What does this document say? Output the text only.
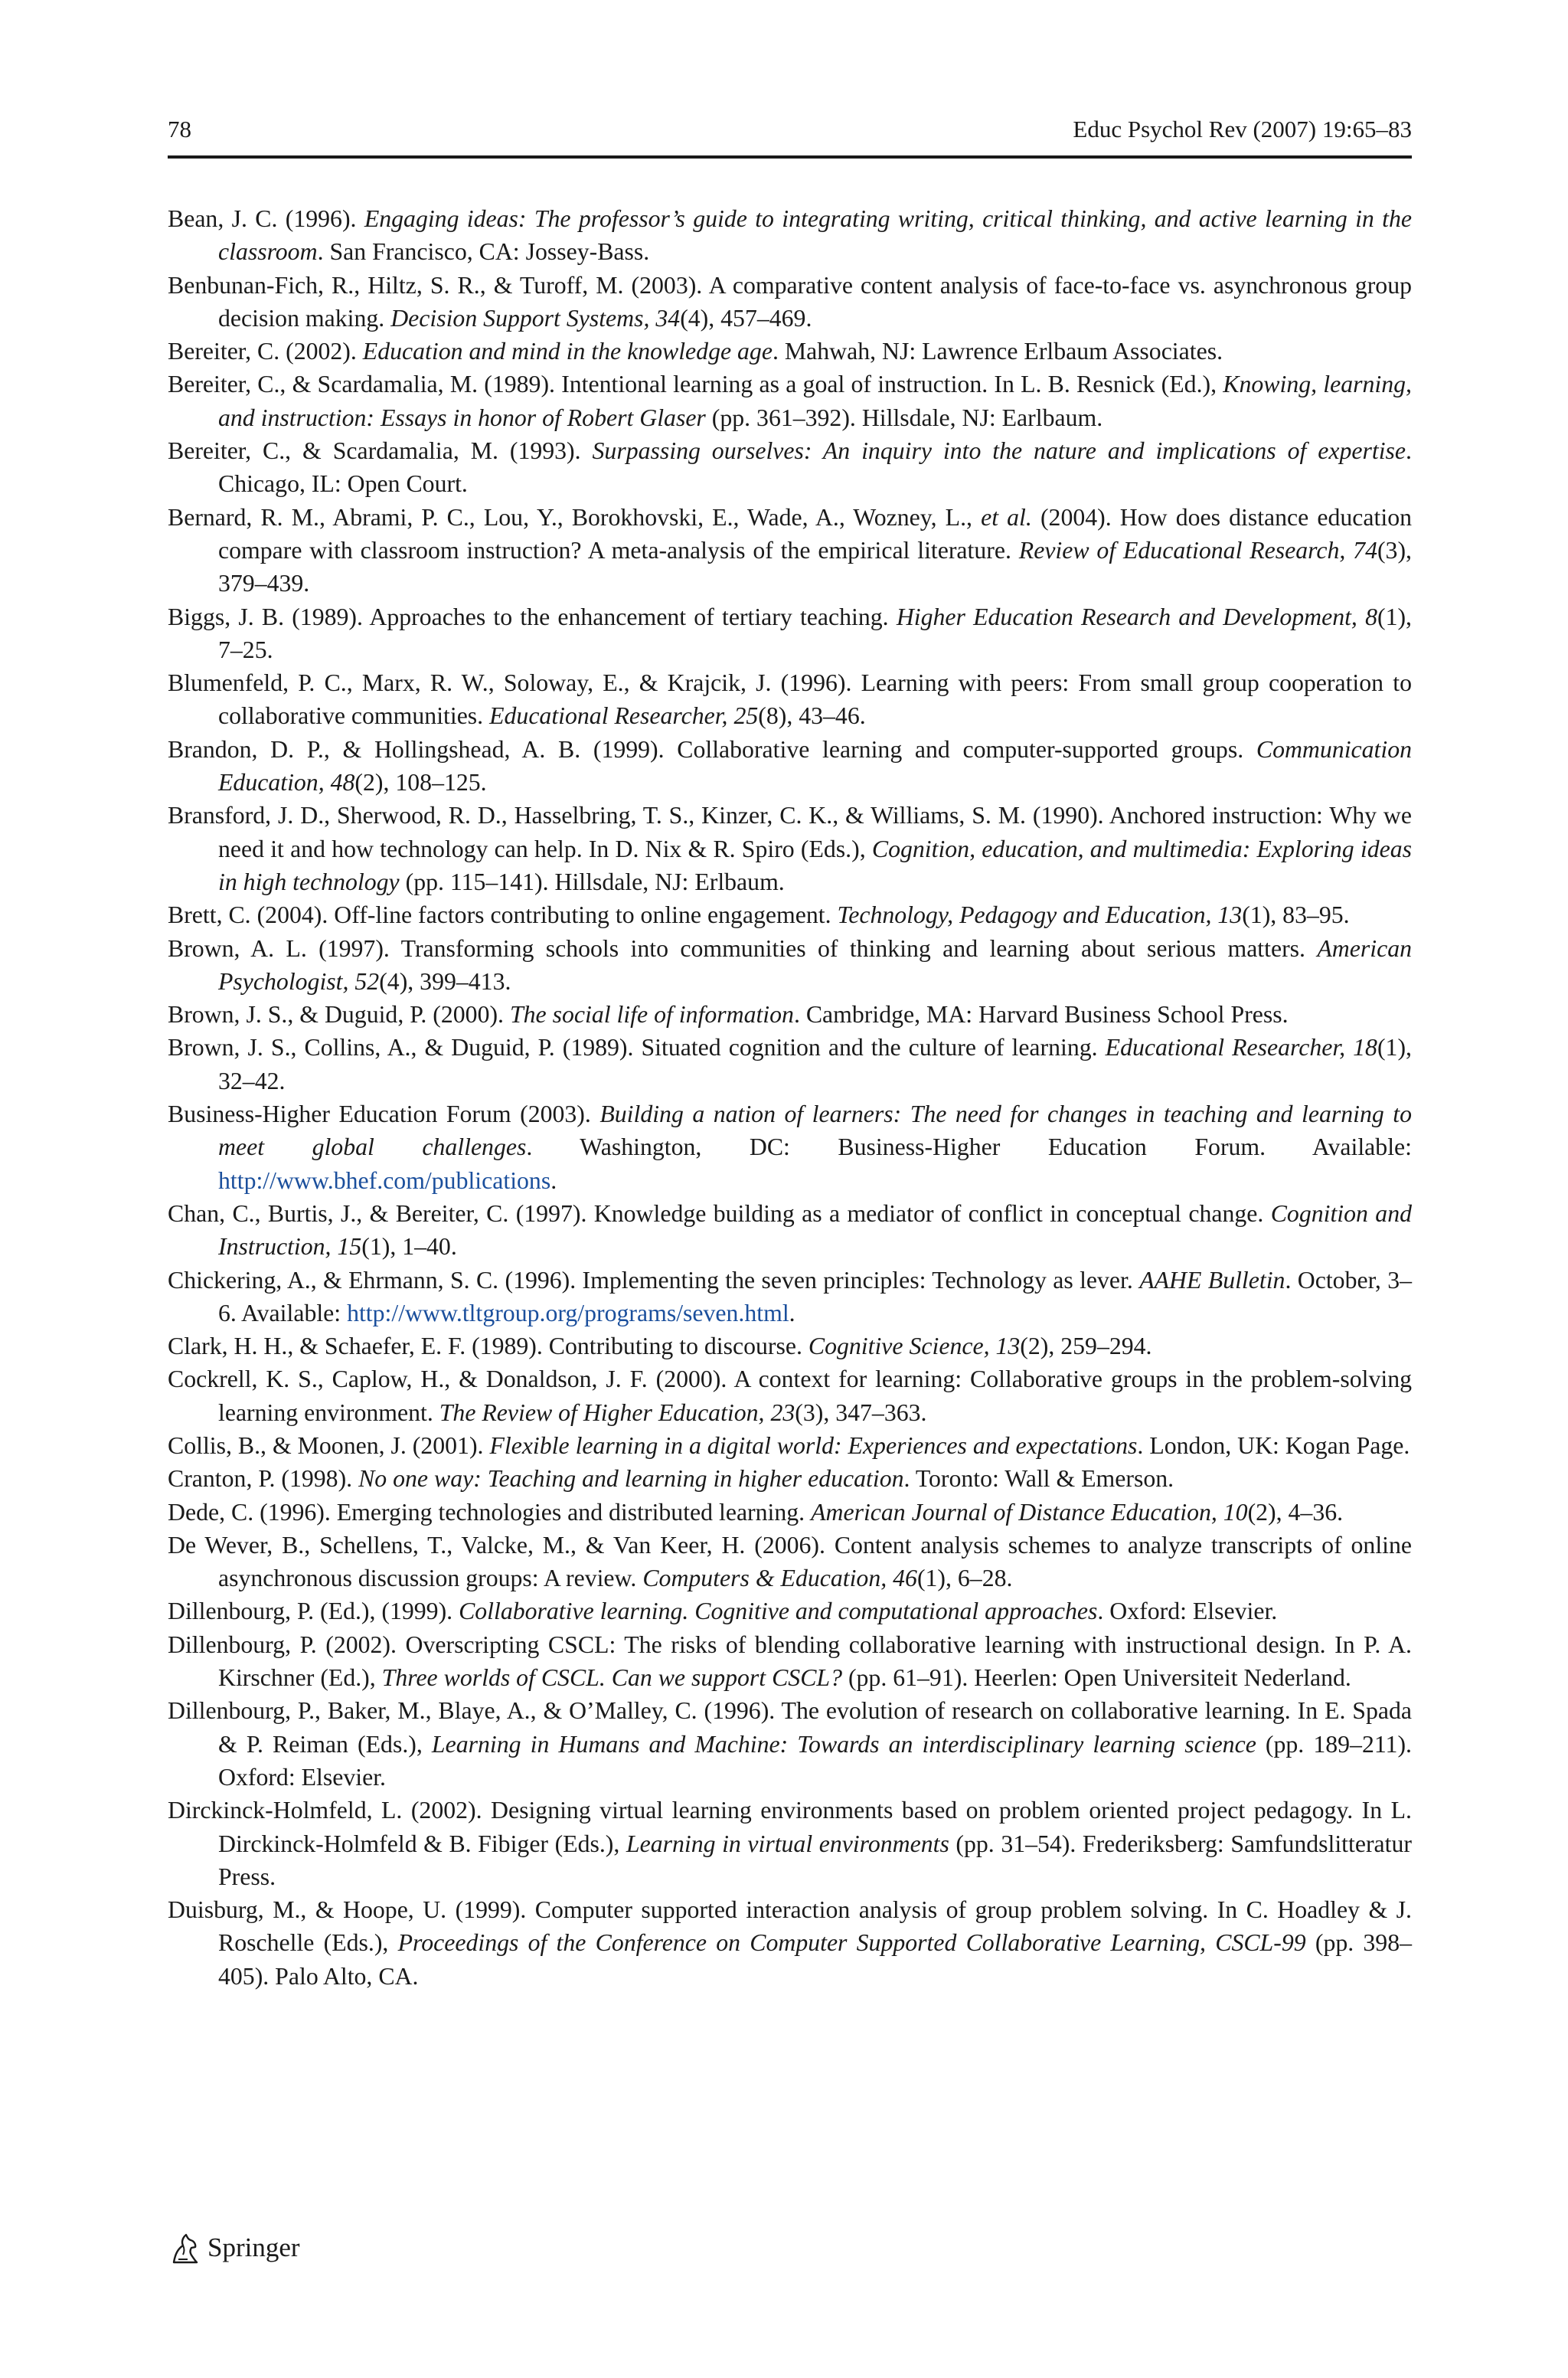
78	Educ Psychol Rev (2007) 19:65–83

Bean, J. C. (1996). Engaging ideas: The professor’s guide to integrating writing, critical thinking, and active learning in the classroom. San Francisco, CA: Jossey-Bass.

Benbunan-Fich, R., Hiltz, S. R., & Turoff, M. (2003). A comparative content analysis of face-to-face vs. asynchronous group decision making. Decision Support Systems, 34(4), 457–469.

Bereiter, C. (2002). Education and mind in the knowledge age. Mahwah, NJ: Lawrence Erlbaum Associates.

Bereiter, C., & Scardamalia, M. (1989). Intentional learning as a goal of instruction. In L. B. Resnick (Ed.), Knowing, learning, and instruction: Essays in honor of Robert Glaser (pp. 361–392). Hillsdale, NJ: Earlbaum.

Bereiter, C., & Scardamalia, M. (1993). Surpassing ourselves: An inquiry into the nature and implications of expertise. Chicago, IL: Open Court.

Bernard, R. M., Abrami, P. C., Lou, Y., Borokhovski, E., Wade, A., Wozney, L., et al. (2004). How does distance education compare with classroom instruction? A meta-analysis of the empirical literature. Review of Educational Research, 74(3), 379–439.

Biggs, J. B. (1989). Approaches to the enhancement of tertiary teaching. Higher Education Research and Development, 8(1), 7–25.

Blumenfeld, P. C., Marx, R. W., Soloway, E., & Krajcik, J. (1996). Learning with peers: From small group cooperation to collaborative communities. Educational Researcher, 25(8), 43–46.

Brandon, D. P., & Hollingshead, A. B. (1999). Collaborative learning and computer-supported groups. Communication Education, 48(2), 108–125.

Bransford, J. D., Sherwood, R. D., Hasselbring, T. S., Kinzer, C. K., & Williams, S. M. (1990). Anchored instruction: Why we need it and how technology can help. In D. Nix & R. Spiro (Eds.), Cognition, education, and multimedia: Exploring ideas in high technology (pp. 115–141). Hillsdale, NJ: Erlbaum.

Brett, C. (2004). Off-line factors contributing to online engagement. Technology, Pedagogy and Education, 13(1), 83–95.

Brown, A. L. (1997). Transforming schools into communities of thinking and learning about serious matters. American Psychologist, 52(4), 399–413.

Brown, J. S., & Duguid, P. (2000). The social life of information. Cambridge, MA: Harvard Business School Press.

Brown, J. S., Collins, A., & Duguid, P. (1989). Situated cognition and the culture of learning. Educational Researcher, 18(1), 32–42.

Business-Higher Education Forum (2003). Building a nation of learners: The need for changes in teaching and learning to meet global challenges. Washington, DC: Business-Higher Education Forum. Available: http://www.bhef.com/publications.

Chan, C., Burtis, J., & Bereiter, C. (1997). Knowledge building as a mediator of conflict in conceptual change. Cognition and Instruction, 15(1), 1–40.

Chickering, A., & Ehrmann, S. C. (1996). Implementing the seven principles: Technology as lever. AAHE Bulletin. October, 3–6. Available: http://www.tltgroup.org/programs/seven.html.

Clark, H. H., & Schaefer, E. F. (1989). Contributing to discourse. Cognitive Science, 13(2), 259–294.

Cockrell, K. S., Caplow, H., & Donaldson, J. F. (2000). A context for learning: Collaborative groups in the problem-solving learning environment. The Review of Higher Education, 23(3), 347–363.

Collis, B., & Moonen, J. (2001). Flexible learning in a digital world: Experiences and expectations. London, UK: Kogan Page.

Cranton, P. (1998). No one way: Teaching and learning in higher education. Toronto: Wall & Emerson.

Dede, C. (1996). Emerging technologies and distributed learning. American Journal of Distance Education, 10(2), 4–36.

De Wever, B., Schellens, T., Valcke, M., & Van Keer, H. (2006). Content analysis schemes to analyze transcripts of online asynchronous discussion groups: A review. Computers & Education, 46(1), 6–28.

Dillenbourg, P. (Ed.), (1999). Collaborative learning. Cognitive and computational approaches. Oxford: Elsevier.

Dillenbourg, P. (2002). Overscripting CSCL: The risks of blending collaborative learning with instructional design. In P. A. Kirschner (Ed.), Three worlds of CSCL. Can we support CSCL? (pp. 61–91). Heerlen: Open Universiteit Nederland.

Dillenbourg, P., Baker, M., Blaye, A., & O’Malley, C. (1996). The evolution of research on collaborative learning. In E. Spada & P. Reiman (Eds.), Learning in Humans and Machine: Towards an interdisciplinary learning science (pp. 189–211). Oxford: Elsevier.

Dirckinck-Holmfeld, L. (2002). Designing virtual learning environments based on problem oriented project pedagogy. In L. Dirckinck-Holmfeld & B. Fibiger (Eds.), Learning in virtual environments (pp. 31–54). Frederiksberg: Samfundslitteratur Press.

Duisburg, M., & Hoope, U. (1999). Computer supported interaction analysis of group problem solving. In C. Hoadley & J. Roschelle (Eds.), Proceedings of the Conference on Computer Supported Collaborative Learning, CSCL-99 (pp. 398–405). Palo Alto, CA.

Springer
